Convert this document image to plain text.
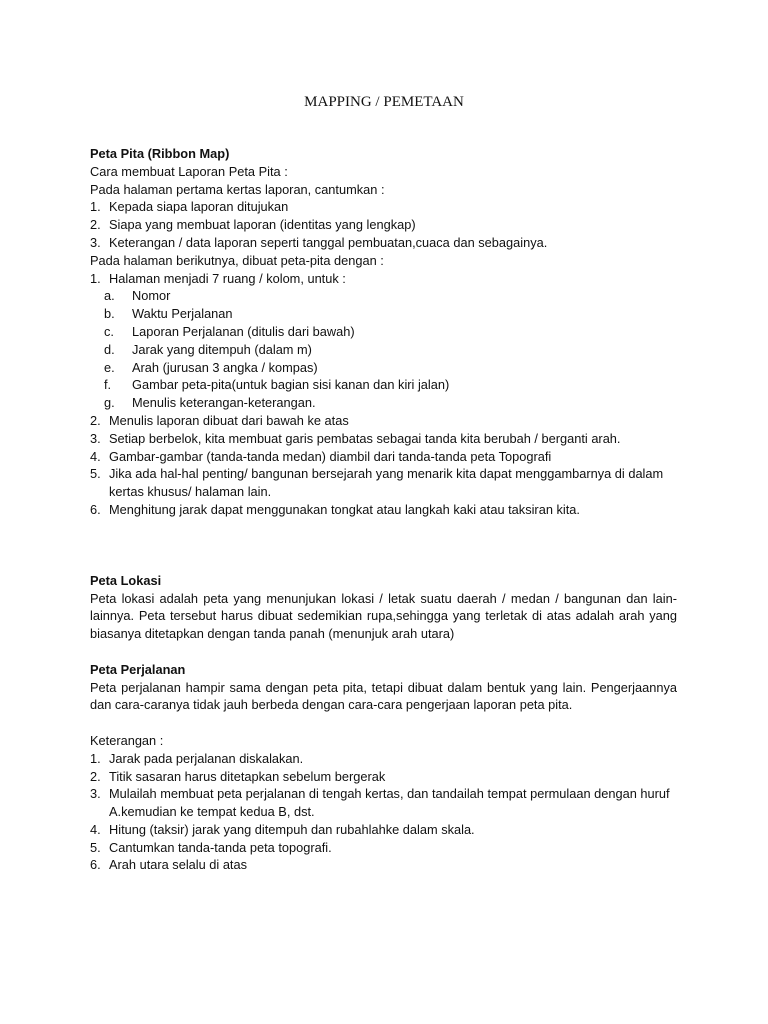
MAPPING / PEMETAAN

Peta Pita (Ribbon Map)

Cara membuat Laporan Peta Pita :

Pada halaman pertama kertas laporan, cantumkan :

1. Kepada siapa laporan ditujukan
2. Siapa yang membuat laporan (identitas yang lengkap)
3. Keterangan / data laporan seperti tanggal pembuatan,cuaca dan sebagainya.

Pada halaman berikutnya, dibuat peta-pita dengan :

1. Halaman menjadi 7 ruang / kolom, untuk :
a.	Nomor
b.	Waktu Perjalanan
c.	Laporan Perjalanan (ditulis dari bawah)
d.	Jarak yang ditempuh (dalam m)
e.	Arah (jurusan 3 angka / kompas)
f.	Gambar peta-pita(untuk bagian sisi kanan dan kiri jalan)
g.	Menulis keterangan-keterangan.
2. Menulis laporan dibuat dari bawah ke atas
3. Setiap berbelok, kita membuat garis pembatas sebagai tanda kita berubah / berganti arah.
4. Gambar-gambar (tanda-tanda medan) diambil dari tanda-tanda peta Topografi
5. Jika ada hal-hal penting/ bangunan bersejarah yang menarik kita dapat menggambarnya di dalam
kertas khusus/ halaman lain.
6. Menghitung jarak dapat menggunakan tongkat atau langkah kaki atau taksiran kita.

Peta Lokasi

Peta lokasi adalah peta yang menunjukan lokasi / letak suatu daerah / medan / bangunan dan lain-lainnya. Peta tersebut harus dibuat sedemikian rupa,sehingga yang terletak di atas adalah arah yang biasanya ditetapkan dengan tanda panah (menunjuk arah utara)

Peta Perjalanan

Peta perjalanan hampir sama dengan peta pita, tetapi dibuat dalam bentuk yang lain. Pengerjaannya dan cara-caranya tidak jauh berbeda dengan cara-cara pengerjaan laporan peta pita.

Keterangan :

1. Jarak pada perjalanan diskalakan.
2. Titik sasaran harus ditetapkan sebelum bergerak
3. Mulailah membuat peta perjalanan di tengah kertas, dan tandailah tempat permulaan dengan huruf
A.kemudian ke tempat kedua B, dst.
4. Hitung (taksir) jarak yang ditempuh dan rubahlahke dalam skala.
5. Cantumkan tanda-tanda peta topografi.
6. Arah utara selalu di atas
